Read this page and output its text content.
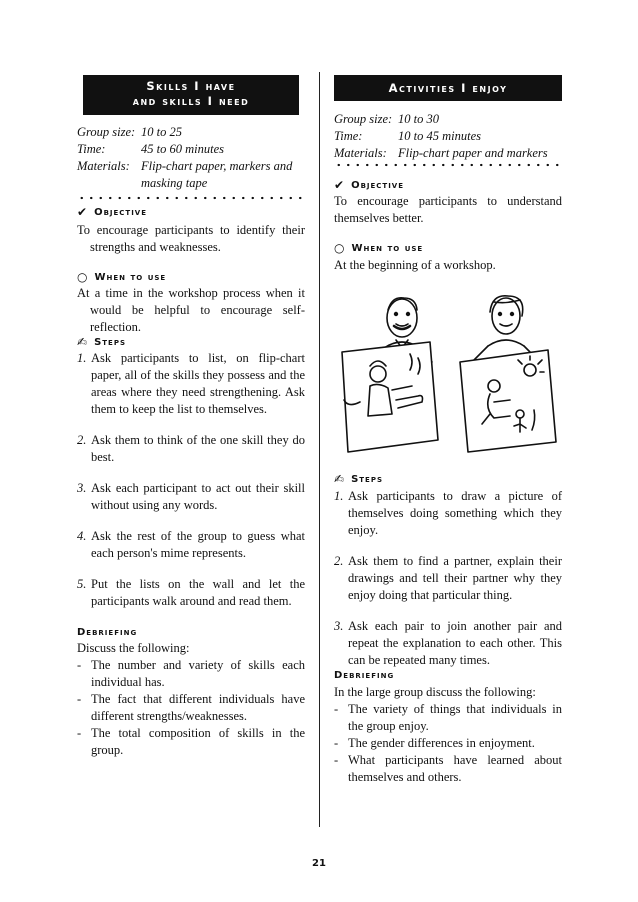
Skills I have
and skills I need
Group size: 10 to 25
Time:	45 to 60 minutes
Materials: Flip-chart paper, markers and masking tape
✔ Objective

To encourage participants to identify their strengths and weaknesses.

○ When to use

At a time in the workshop process when it would be helpful to encourage self-reflection.

✍ Steps
1. Ask participants to list, on flip-chart paper, all of the skills they possess and the areas where they need strengthening. Ask them to keep the list to themselves.
2. Ask them to think of the one skill they do best.
3. Ask each participant to act out their skill without using any words.
4. Ask the rest of the group to guess what each person's mime represents.
5. Put the lists on the wall and let the participants walk around and read them.
Debriefing
Discuss the following:
- The number and variety of skills each individual has.
- The fact that different individuals have different strengths/weaknesses.
- The total composition of skills in the group.
Activities I enjoy
Group size: 10 to 30
Time:	10 to 45 minutes
Materials: Flip-chart paper and markers
✔ Objective

To encourage participants to understand themselves better.

○ When to use

At the beginning of a workshop.

✍ Steps
1. Ask participants to draw a picture of themselves doing something which they enjoy.
2. Ask them to find a partner, explain their drawings and tell their partner why they enjoy doing that particular thing.
3. Ask each pair to join another pair and repeat the explanation to each other. This can be repeated many times.
Debriefing
In the large group discuss the following:
- The variety of things that individuals in the group enjoy.
- The gender differences in enjoyment.
- What participants have learned about themselves and others.
21
